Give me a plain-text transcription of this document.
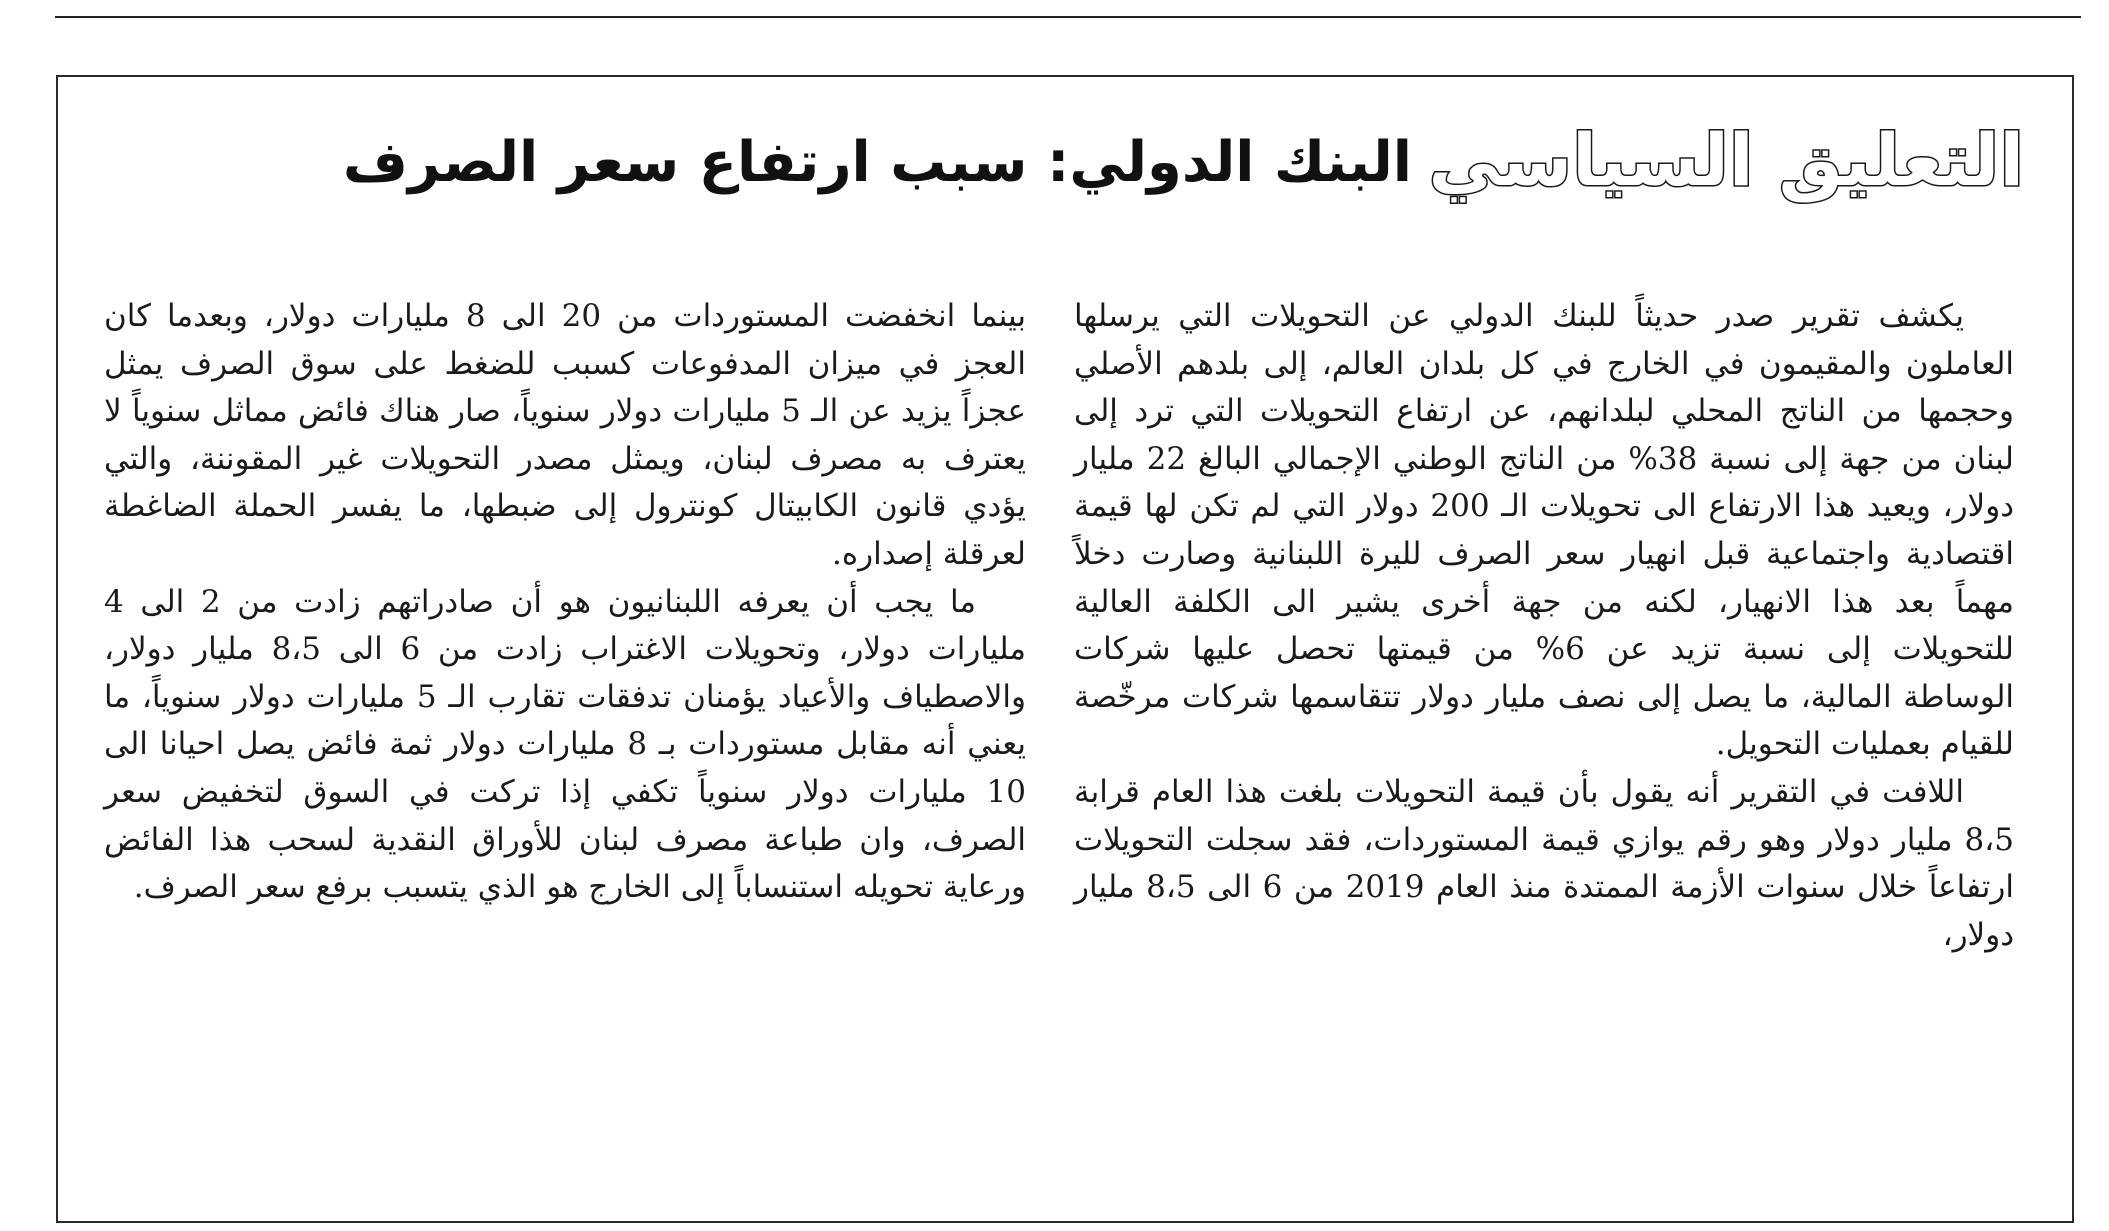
التعليق السياسي
البنك الدولي: سبب ارتفاع سعر الصرف

يكشف تقرير صدر حديثاً للبنك الدولي عن التحويلات التي يرسلها العاملون والمقيمون في الخارج في كل بلدان العالم، إلى بلدهم الأصلي وحجمها من الناتج المحلي لبلدانهم، عن ارتفاع التحويلات التي ترد إلى لبنان من جهة إلى نسبة 38% من الناتج الوطني الإجمالي البالغ 22 مليار دولار، ويعيد هذا الارتفاع الى تحويلات الـ 200 دولار التي لم تكن لها قيمة اقتصادية واجتماعية قبل انهيار سعر الصرف لليرة اللبنانية وصارت دخلاً مهماً بعد هذا الانهيار، لكنه من جهة أخرى يشير الى الكلفة العالية للتحويلات إلى نسبة تزيد عن 6% من قيمتها تحصل عليها شركات الوساطة المالية، ما يصل إلى نصف مليار دولار تتقاسمها شركات مرخّصة للقيام بعمليات التحويل.

اللافت في التقرير أنه يقول بأن قيمة التحويلات بلغت هذا العام قرابة 8،5 مليار دولار وهو رقم يوازي قيمة المستوردات، فقد سجلت التحويلات ارتفاعاً خلال سنوات الأزمة الممتدة منذ العام 2019 من 6 الى 8،5 مليار دولار،

بينما انخفضت المستوردات من 20 الى 8 مليارات دولار، وبعدما كان العجز في ميزان المدفوعات كسبب للضغط على سوق الصرف يمثل عجزاً يزيد عن الـ 5 مليارات دولار سنوياً، صار هناك فائض مماثل سنوياً لا يعترف به مصرف لبنان، ويمثل مصدر التحويلات غير المقوننة، والتي يؤدي قانون الكابيتال كونترول إلى ضبطها، ما يفسر الحملة الضاغطة لعرقلة إصداره.

ما يجب أن يعرفه اللبنانيون هو أن صادراتهم زادت من 2 الى 4 مليارات دولار، وتحويلات الاغتراب زادت من 6 الى 8،5 مليار دولار، والاصطياف والأعياد يؤمنان تدفقات تقارب الـ 5 مليارات دولار سنوياً، ما يعني أنه مقابل مستوردات بـ 8 مليارات دولار ثمة فائض يصل احيانا الى 10 مليارات دولار سنوياً تكفي إذا تركت في السوق لتخفيض سعر الصرف، وان طباعة مصرف لبنان للأوراق النقدية لسحب هذا الفائض ورعاية تحويله استنساباً إلى الخارج هو الذي يتسبب برفع سعر الصرف.
